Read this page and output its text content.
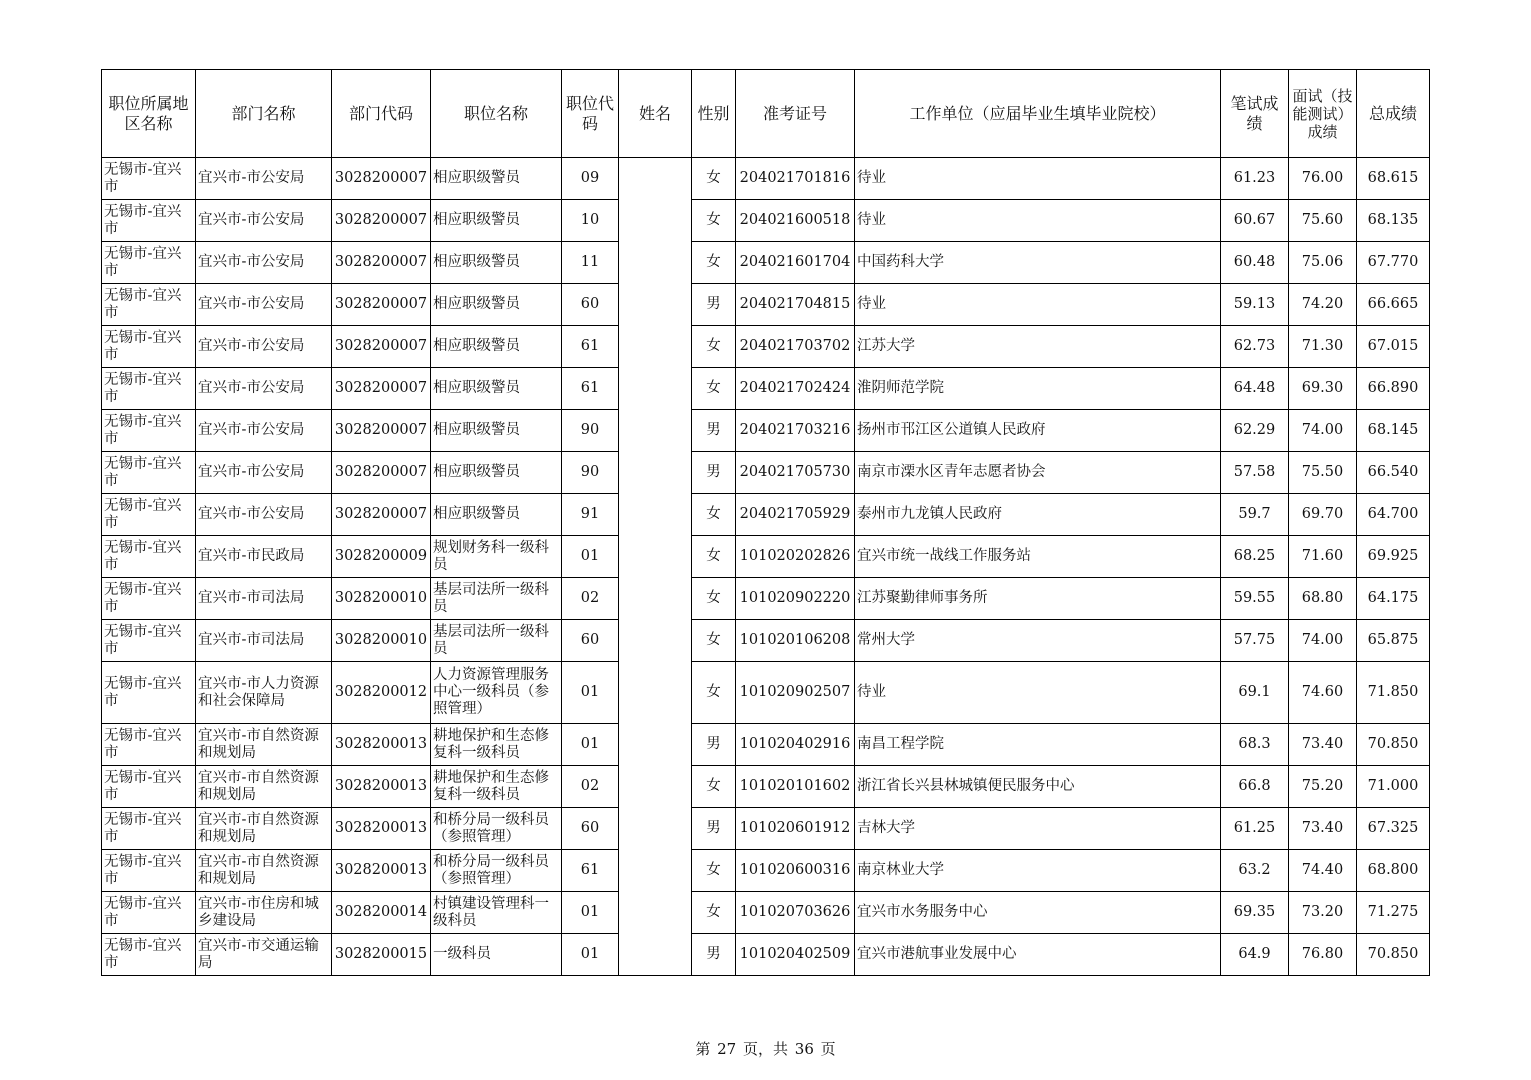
职位所属地区名称	部门名称	部门代码	职位名称	职位代码	姓名	性别	准考证号	工作单位（应届毕业生填毕业院校）	笔试成绩	面试（技能测试）成绩	总成绩
无锡市-宜兴市	宜兴市-市公安局	3028200007	相应职级警员	09		女	204021701816	待业	61.23	76.00	68.615
无锡市-宜兴市	宜兴市-市公安局	3028200007	相应职级警员	10		女	204021600518	待业	60.67	75.60	68.135
无锡市-宜兴市	宜兴市-市公安局	3028200007	相应职级警员	11		女	204021601704	中国药科大学	60.48	75.06	67.770
无锡市-宜兴市	宜兴市-市公安局	3028200007	相应职级警员	60		男	204021704815	待业	59.13	74.20	66.665
无锡市-宜兴市	宜兴市-市公安局	3028200007	相应职级警员	61		女	204021703702	江苏大学	62.73	71.30	67.015
无锡市-宜兴市	宜兴市-市公安局	3028200007	相应职级警员	61		女	204021702424	淮阴师范学院	64.48	69.30	66.890
无锡市-宜兴市	宜兴市-市公安局	3028200007	相应职级警员	90		男	204021703216	扬州市邗江区公道镇人民政府	62.29	74.00	68.145
无锡市-宜兴市	宜兴市-市公安局	3028200007	相应职级警员	90		男	204021705730	南京市溧水区青年志愿者协会	57.58	75.50	66.540
无锡市-宜兴市	宜兴市-市公安局	3028200007	相应职级警员	91		女	204021705929	泰州市九龙镇人民政府	59.7	69.70	64.700
无锡市-宜兴市	宜兴市-市民政局	3028200009	规划财务科一级科员	01		女	101020202826	宜兴市统一战线工作服务站	68.25	71.60	69.925
无锡市-宜兴市	宜兴市-市司法局	3028200010	基层司法所一级科员	02		女	101020902220	江苏聚勤律师事务所	59.55	68.80	64.175
无锡市-宜兴市	宜兴市-市司法局	3028200010	基层司法所一级科员	60		女	101020106208	常州大学	57.75	74.00	65.875
无锡市-宜兴市	宜兴市-市人力资源和社会保障局	3028200012	人力资源管理服务中心一级科员（参照管理）	01		女	101020902507	待业	69.1	74.60	71.850
无锡市-宜兴市	宜兴市-市自然资源和规划局	3028200013	耕地保护和生态修复科一级科员	01		男	101020402916	南昌工程学院	68.3	73.40	70.850
无锡市-宜兴市	宜兴市-市自然资源和规划局	3028200013	耕地保护和生态修复科一级科员	02		女	101020101602	浙江省长兴县林城镇便民服务中心	66.8	75.20	71.000
无锡市-宜兴市	宜兴市-市自然资源和规划局	3028200013	和桥分局一级科员（参照管理）	60		男	101020601912	吉林大学	61.25	73.40	67.325
无锡市-宜兴市	宜兴市-市自然资源和规划局	3028200013	和桥分局一级科员（参照管理）	61		女	101020600316	南京林业大学	63.2	74.40	68.800
无锡市-宜兴市	宜兴市-市住房和城乡建设局	3028200014	村镇建设管理科一级科员	01		女	101020703626	宜兴市水务服务中心	69.35	73.20	71.275
无锡市-宜兴市	宜兴市-市交通运输局	3028200015	一级科员	01		男	101020402509	宜兴市港航事业发展中心	64.9	76.80	70.850
第 27 页，共 36 页
